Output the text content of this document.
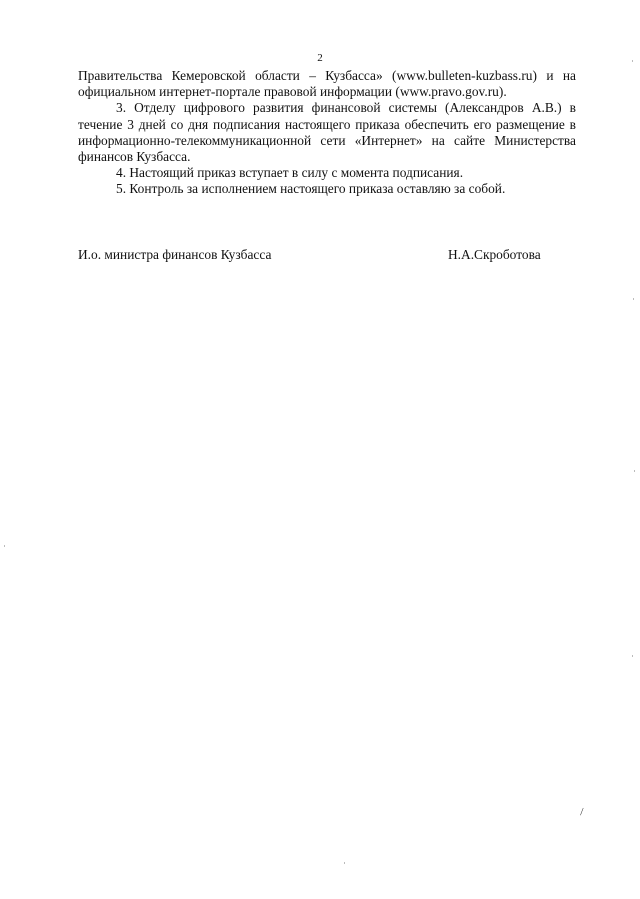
2

Правительства Кемеровской области – Кузбасса» (www.bulleten-kuzbass.ru) и на официальном интернет-портале правовой информации (www.pravo.gov.ru).

3. Отделу цифрового развития финансовой системы (Александров А.В.) в течение 3 дней со дня подписания настоящего приказа обеспечить его размещение в информационно-телекоммуникационной сети «Интернет» на сайте Министерства финансов Кузбасса.

4. Настоящий приказ вступает в силу с момента подписания.

5. Контроль за исполнением настоящего приказа оставляю за собой.

И.о. министра финансов Кузбасса	Н.А.Скроботова
\
